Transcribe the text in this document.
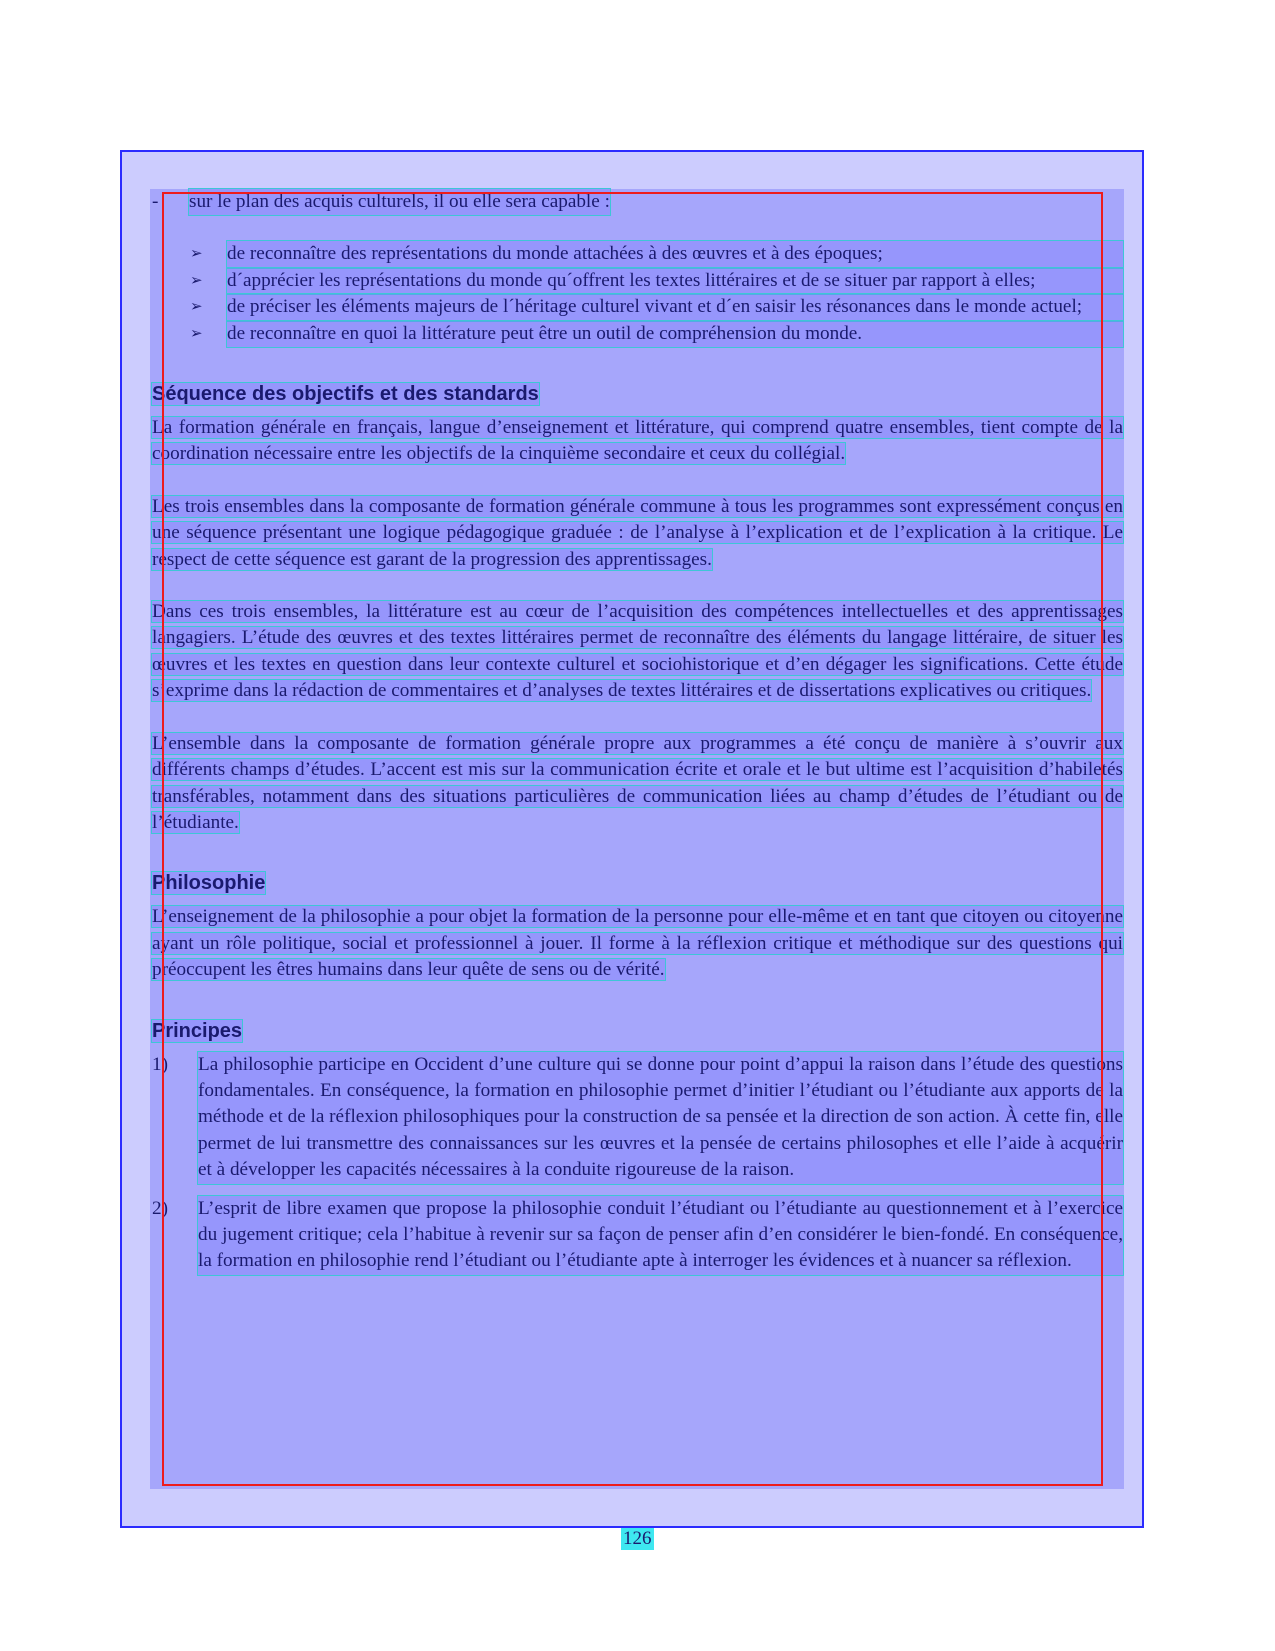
-	sur le plan des acquis culturels, il ou elle sera capable :
➢	de reconnaître des représentations du monde attachées à des œuvres et à des époques;
➢	d´apprécier les représentations du monde qu´offrent les textes littéraires et de se situer par rapport à elles;
➢	de préciser les éléments majeurs de l´héritage culturel vivant et d´en saisir les résonances dans le monde actuel;
➢	de reconnaître en quoi la littérature peut être un outil de compréhension du monde.
Séquence des objectifs et des standards

La formation générale en français, langue d’enseignement et littérature, qui comprend quatre ensembles, tient compte de la coordination nécessaire entre les objectifs de la cinquième secondaire et ceux du collégial.

Les trois ensembles dans la composante de formation générale commune à tous les programmes sont expressément conçus en une séquence présentant une logique pédagogique graduée : de l’analyse à l’explication et de l’explication à la critique. Le respect de cette séquence est garant de la progression des apprentissages.

Dans ces trois ensembles, la littérature est au cœur de l’acquisition des compétences intellectuelles et des apprentissages langagiers. L’étude des œuvres et des textes littéraires permet de reconnaître des éléments du langage littéraire, de situer les œuvres et les textes en question dans leur contexte culturel et sociohistorique et d’en dégager les significations. Cette étude s’exprime dans la rédaction de commentaires et d’analyses de textes littéraires et de dissertations explicatives ou critiques.

L’ensemble dans la composante de formation générale propre aux programmes a été conçu de manière à s’ouvrir aux différents champs d’études. L’accent est mis sur la communication écrite et orale et le but ultime est l’acquisition d’habiletés transférables, notamment dans des situations particulières de communication liées au champ d’études de l’étudiant ou de l’étudiante.

Philosophie

L’enseignement de la philosophie a pour objet la formation de la personne pour elle-même et en tant que citoyen ou citoyenne ayant un rôle politique, social et professionnel à jouer. Il forme à la réflexion critique et méthodique sur des questions qui préoccupent les êtres humains dans leur quête de sens ou de vérité.

Principes
1)	La philosophie participe en Occident d’une culture qui se donne pour point d’appui la raison dans l’étude des questions fondamentales. En conséquence, la formation en philosophie permet d’initier l’étudiant ou l’étudiante aux apports de la méthode et de la réflexion philosophiques pour la construction de sa pensée et la direction de son action. À cette fin, elle permet de lui transmettre des connaissances sur les œuvres et la pensée de certains philosophes et elle l’aide à acquérir et à développer les capacités nécessaires à la conduite rigoureuse de la raison.
2)	L’esprit de libre examen que propose la philosophie conduit l’étudiant ou l’étudiante au questionnement et à l’exercice du jugement critique; cela l’habitue à revenir sur sa façon de penser afin d’en considérer le bien-fondé. En conséquence, la formation en philosophie rend l’étudiant ou l’étudiante apte à interroger les évidences et à nuancer sa réflexion.
126
